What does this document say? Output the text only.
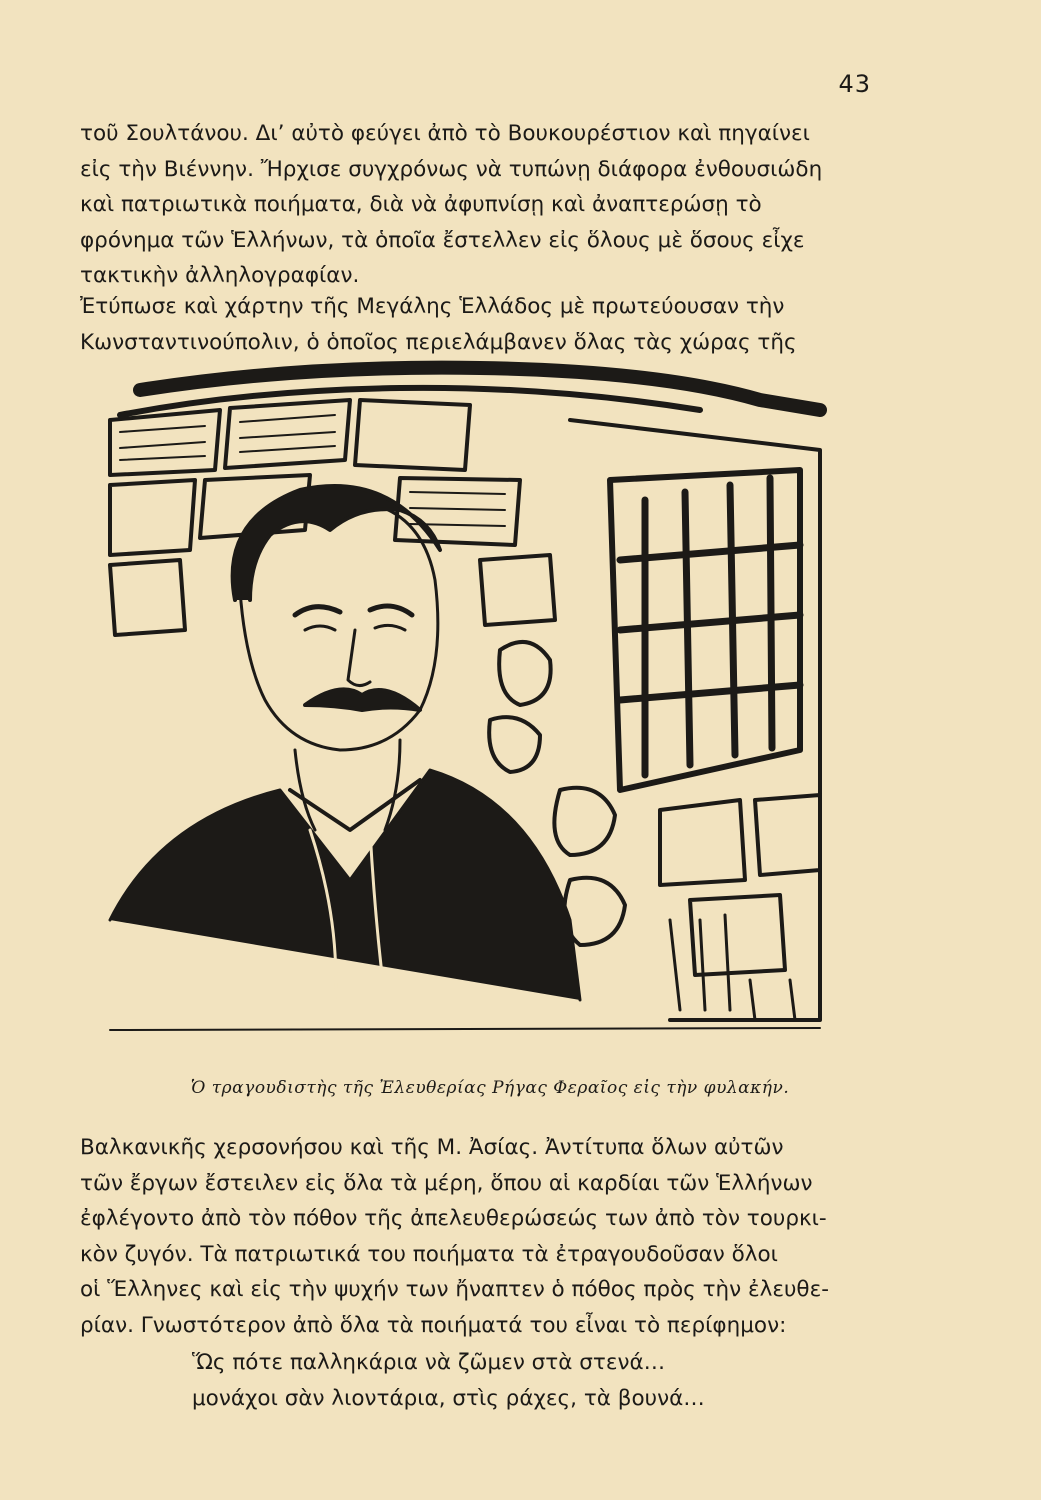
43

τοῦ Σουλτάνου. Δι’ αὐτὸ φεύγει ἀπὸ τὸ Βουκουρέστιον καὶ πηγαίνει
εἰς τὴν Βιέννην. Ἤρχισε συγχρόνως νὰ τυπώνῃ διάφορα ἐνθουσιώδη
καὶ πατριωτικὰ ποιήματα, διὰ νὰ ἀφυπνίσῃ καὶ ἀναπτερώσῃ τὸ
φρόνημα τῶν Ἑλλήνων, τὰ ὁποῖα ἔστελλεν εἰς ὅλους μὲ ὅσους εἶχε
τακτικὴν ἀλληλογραφίαν.

Ἐτύπωσε καὶ χάρτην τῆς Μεγάλης Ἑλλάδος μὲ πρωτεύουσαν τὴν
Κωνσταντινούπολιν, ὁ ὁποῖος περιελάμβανεν ὅλας τὰς χώρας τῆς

Ὁ τραγουδιστὴς τῆς Ἐλευθερίας Ρήγας Φεραῖος εἰς τὴν φυλακήν.

Βαλκανικῆς χερσονήσου καὶ τῆς Μ. Ἀσίας. Ἀντίτυπα ὅλων αὐτῶν
τῶν ἔργων ἔστειλεν εἰς ὅλα τὰ μέρη, ὅπου αἱ καρδίαι τῶν Ἑλλήνων
ἐφλέγοντο ἀπὸ τὸν πόθον τῆς ἀπελευθερώσεώς των ἀπὸ τὸν τουρκι-
κὸν ζυγόν. Τὰ πατριωτικά του ποιήματα τὰ ἐτραγουδοῦσαν ὅλοι
οἱ Ἕλληνες καὶ εἰς τὴν ψυχήν των ἤναπτεν ὁ πόθος πρὸς τὴν ἐλευθε-
ρίαν. Γνωστότερον ἀπὸ ὅλα τὰ ποιήματά του εἶναι τὸ περίφημον:

Ὥς πότε παλληκάρια νὰ ζῶμεν στὰ στενά…
μονάχοι σὰν λιοντάρια, στὶς ράχες, τὰ βουνά…
